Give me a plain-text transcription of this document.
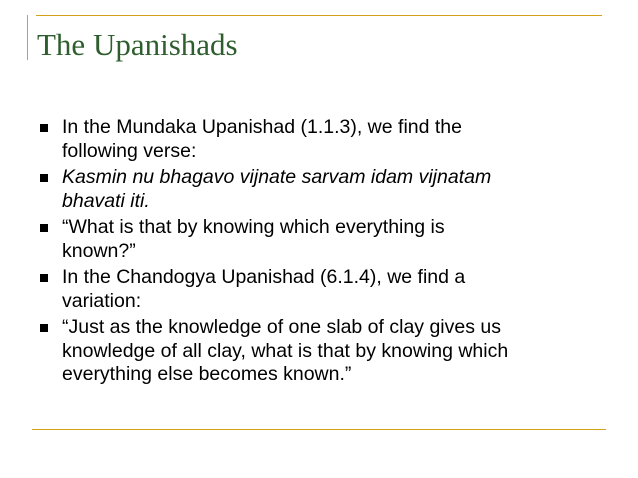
The Upanishads
In the Mundaka Upanishad (1.1.3), we find the
following verse:
Kasmin nu bhagavo vijnate sarvam idam vijnatam
bhavati iti.
“What is that by knowing which everything is
known?”
In the Chandogya Upanishad (6.1.4), we find a
variation:
“Just as the knowledge of one slab of clay gives us
knowledge of all clay, what is that by knowing which
everything else becomes known.”
